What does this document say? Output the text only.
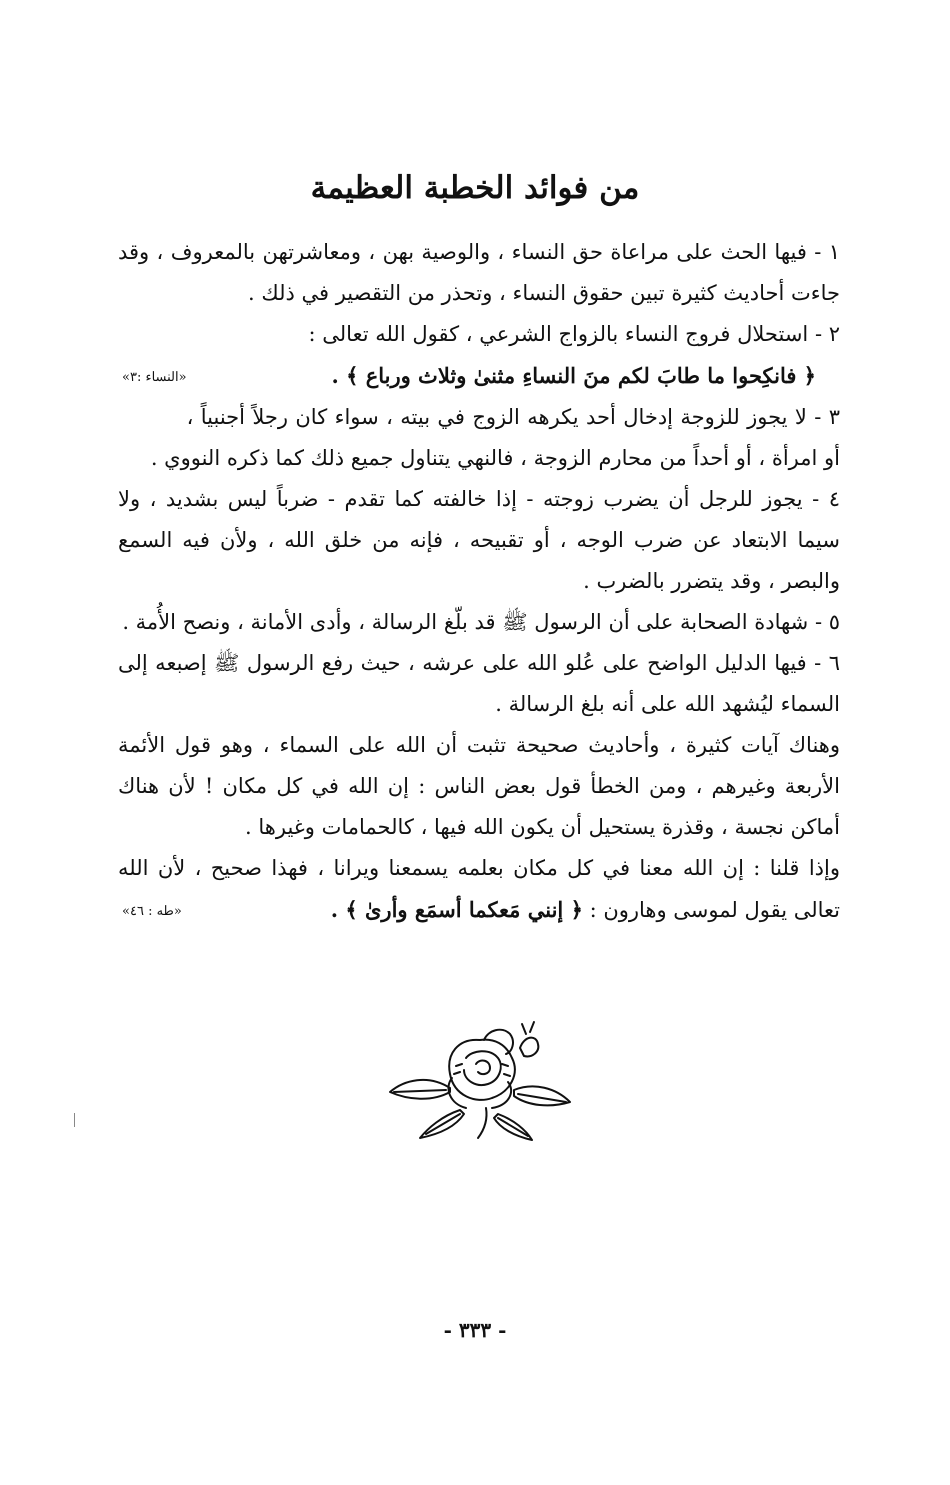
من فوائد الخطبة العظيمة

١ - فيها الحث على مراعاة حق النساء ، والوصية بهن ، ومعاشرتهن بالمعروف ، وقد جاءت أحاديث كثيرة تبين حقوق النساء ، وتحذر من التقصير في ذلك .

٢ - استحلال فروج النساء بالزواج الشرعي ، كقول الله تعالى :

﴿ فانكِحوا ما طابَ لكم منَ النساءِ مثنىٰ وثلاث ورباع ﴾ .
«النساء :٣»

٣ - لا يجوز للزوجة إدخال أحد يكرهه الزوج في بيته ، سواء كان رجلاً أجنبياً ، أو امرأة ، أو أحداً من محارم الزوجة ، فالنهي يتناول جميع ذلك كما ذكره النووي .

٤ - يجوز للرجل أن يضرب زوجته - إذا خالفته كما تقدم - ضرباً ليس بشديد ، ولا سيما الابتعاد عن ضرب الوجه ، أو تقبيحه ، فإنه من خلق الله ، ولأن فيه السمع والبصر ، وقد يتضرر بالضرب .

٥ - شهادة الصحابة على أن الرسول ﷺ قد بلّغ الرسالة ، وأدى الأمانة ، ونصح الأُمة .

٦ - فيها الدليل الواضح على عُلو الله على عرشه ، حيث رفع الرسول ﷺ إصبعه إلى السماء ليُشهد الله على أنه بلغ الرسالة .

وهناك آيات كثيرة ، وأحاديث صحيحة تثبت أن الله على السماء ، وهو قول الأئمة الأربعة وغيرهم ، ومن الخطأ قول بعض الناس : إن الله في كل مكان ! لأن هناك أماكن نجسة ، وقذرة يستحيل أن يكون الله فيها ، كالحمامات وغيرها .

وإذا قلنا : إن الله معنا في كل مكان بعلمه يسمعنا ويرانا ، فهذا صحيح ، لأن الله تعالى يقول لموسى وهارون : ﴿ إنني مَعكما أسمَع وأرىٰ ﴾ .
«طه : ٤٦»

- ٣٣٣ -
